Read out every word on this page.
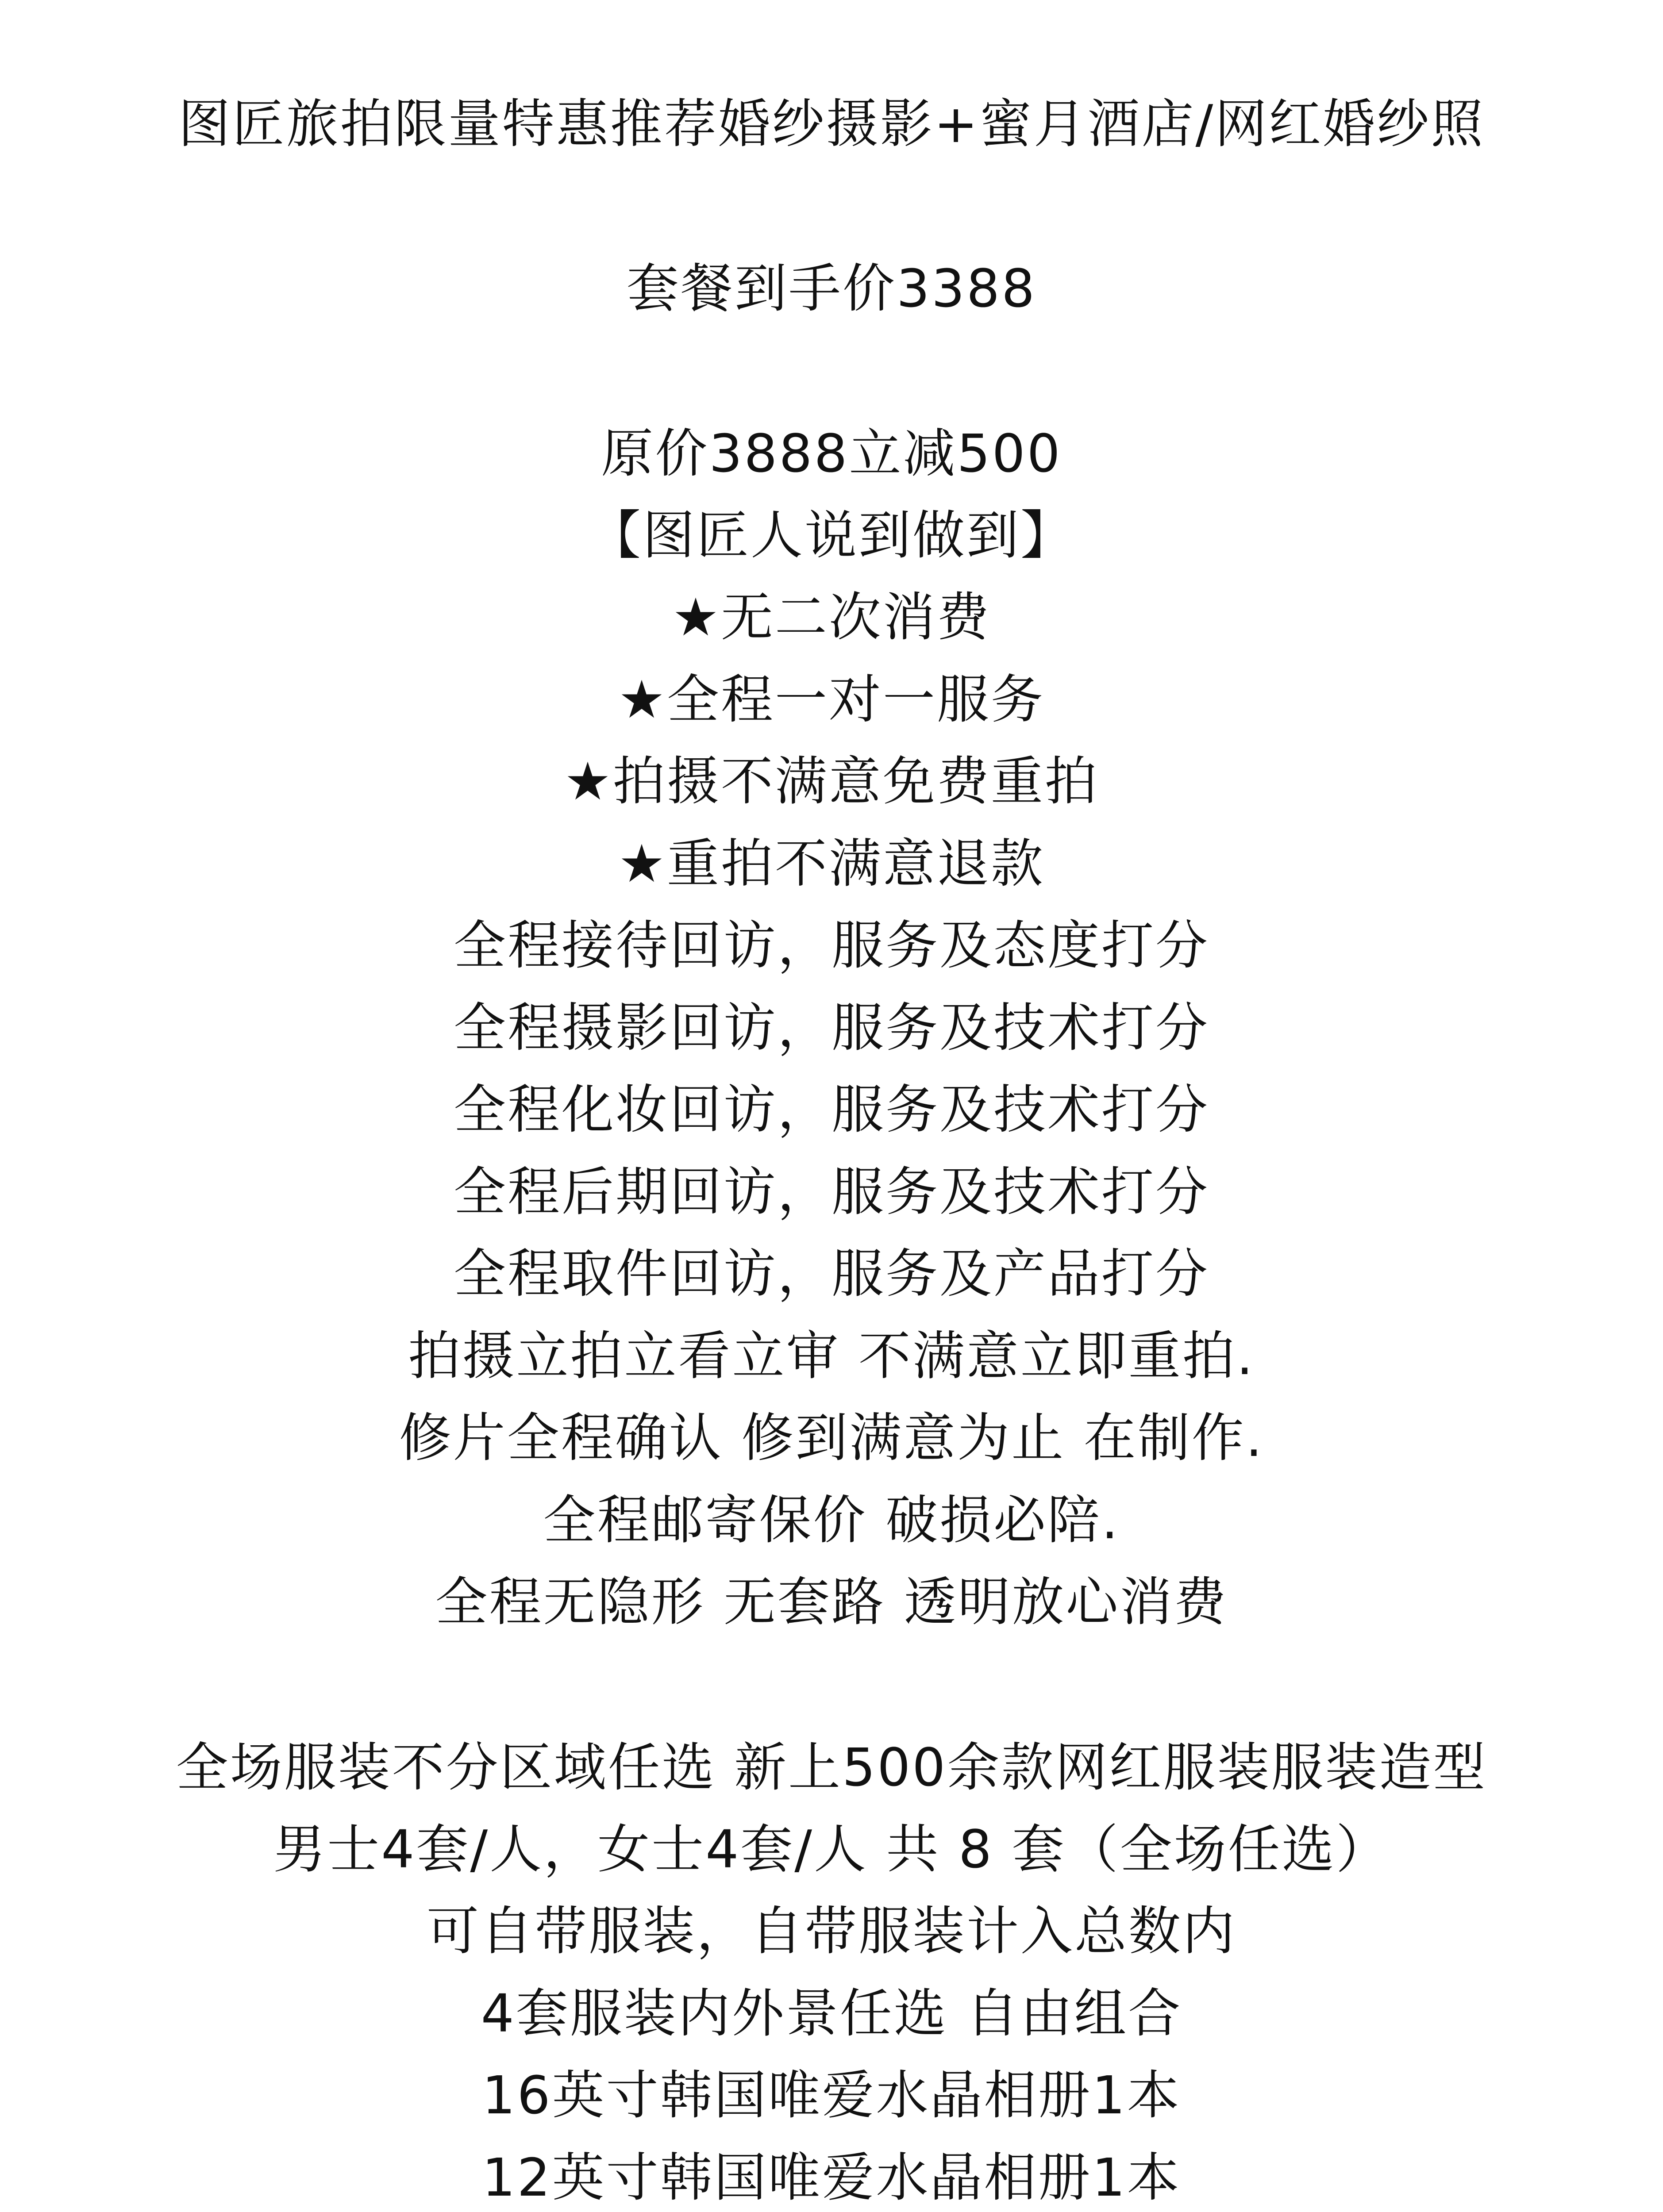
图匠旅拍限量特惠推荐婚纱摄影+蜜月酒店/网红婚纱照
套餐到手价3388
原价3888立减500
【图匠人说到做到】
★无二次消费
★全程一对一服务
★拍摄不满意免费重拍
★重拍不满意退款
全程接待回访，服务及态度打分
全程摄影回访，服务及技术打分
全程化妆回访，服务及技术打分
全程后期回访，服务及技术打分
全程取件回访，服务及产品打分
拍摄立拍立看立审 不满意立即重拍.
修片全程确认 修到满意为止 在制作.
全程邮寄保价 破损必陪.
全程无隐形 无套路 透明放心消费
全场服装不分区域任选 新上500余款网红服装服装造型
男士4套/人，女士4套/人 共 8 套（全场任选）
可自带服装，自带服装计入总数内
4套服装内外景任选 自由组合
16英寸韩国唯爱水晶相册1本
12英寸韩国唯爱水晶相册1本
